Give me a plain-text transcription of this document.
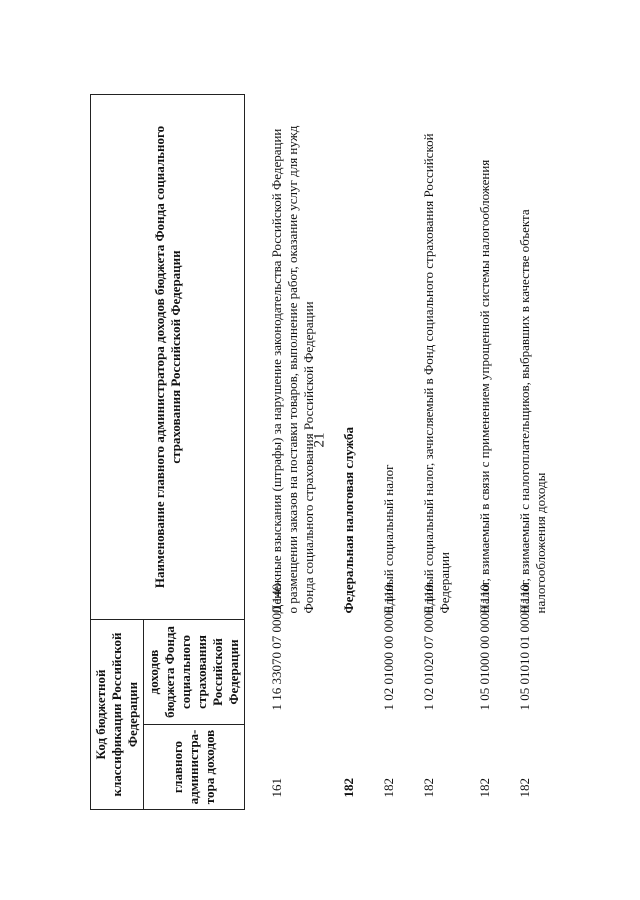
21
Код бюджетной классификации Российской Федерации		Наименование главного администратора доходов бюджета Фонда социального страхования Российской Федерации
главного администра-тора доходов	доходов бюджета Фонда социального страхования Российской Федерации	
161	1 16 33070 07 0000 140	Денежные взыскания (штрафы) за нарушение законодательства Российской Федерации о размещении заказов на поставки товаров, выполнение работ, оказание услуг для нужд Фонда социального страхования Российской Федерации
182		Федеральная налоговая служба
182	1 02 01000 00 0000 110	Единый социальный налог
182	1 02 01020 07 0000 110	Единый социальный налог, зачисляемый в Фонд социального страхования Российской Федерации
182	1 05 01000 00 0000 110	Налог, взимаемый в связи с применением упрощенной системы налогообложения
182	1 05 01010 01 0000 110	Налог, взимаемый с налогоплательщиков, выбравших в качестве объекта налогообложения доходы
